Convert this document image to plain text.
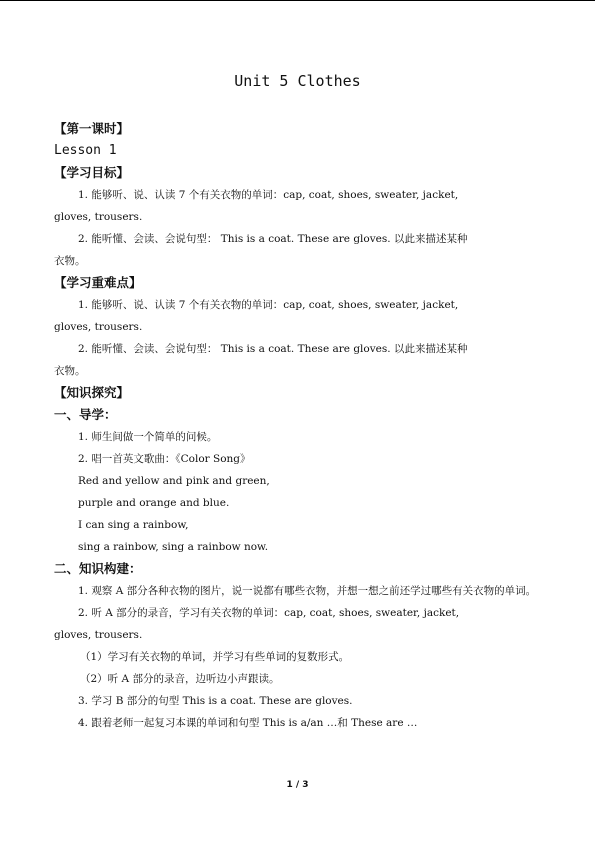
Unit 5 Clothes
【第一课时】
Lesson 1
【学习目标】
1. 能够听、说、认读 7 个有关衣物的单词：cap, coat, shoes, sweater, jacket,
gloves, trousers.
2. 能听懂、会读、会说句型： This is a coat. These are gloves. 以此来描述某种
衣物。
【学习重难点】
1. 能够听、说、认读 7 个有关衣物的单词：cap, coat, shoes, sweater, jacket,
gloves, trousers.
2. 能听懂、会读、会说句型： This is a coat. These are gloves. 以此来描述某种
衣物。
【知识探究】
一、导学：
1. 师生间做一个简单的问候。
2. 唱一首英文歌曲：《Color Song》
Red and yellow and pink and green,
purple and orange and blue.
I can sing a rainbow,
sing a rainbow, sing a rainbow now.
二、知识构建：
1. 观察 A 部分各种衣物的图片，说一说都有哪些衣物，并想一想之前还学过哪些有关衣物的单词。
2. 听 A 部分的录音，学习有关衣物的单词：cap, coat, shoes, sweater, jacket,
gloves, trousers.
（1）学习有关衣物的单词，并学习有些单词的复数形式。
（2）听 A 部分的录音，边听边小声跟读。
3. 学习 B 部分的句型 This is a coat. These are gloves.
4. 跟着老师一起复习本课的单词和句型 This is a/an …和 These are …
1 / 3
